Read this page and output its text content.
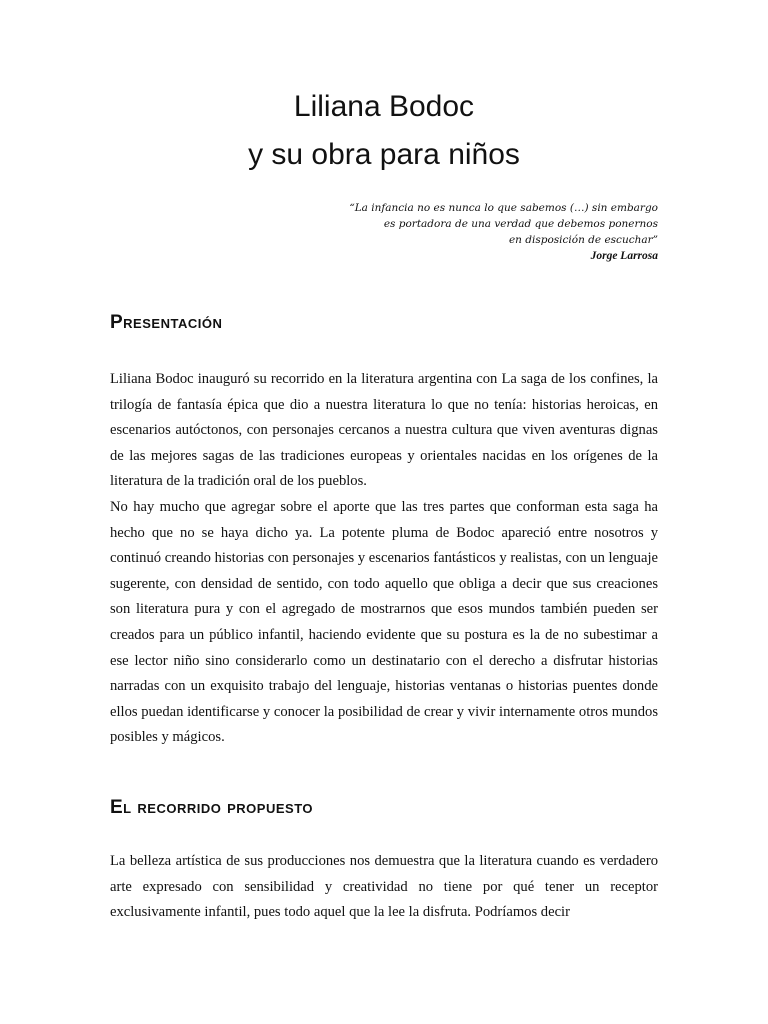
Liliana Bodoc
y su obra para niños
“La infancia no es nunca lo que sabemos (…) sin embargo
es portadora de una verdad que debemos ponernos
en disposición de escuchar”
Jorge Larrosa
Presentación

Liliana Bodoc inauguró su recorrido en la literatura argentina con La saga de los confines, la trilogía de fantasía épica que dio a nuestra literatura lo que no tenía: historias heroicas, en escenarios autóctonos, con personajes cercanos a nuestra cultura que viven aventuras dignas de las mejores sagas de las tradiciones europeas y orientales nacidas en los orígenes de la literatura de la tradición oral de los pueblos.

No hay mucho que agregar sobre el aporte que las tres partes que conforman esta saga ha hecho que no se haya dicho ya. La potente pluma de Bodoc apareció entre nosotros y continuó creando historias con personajes y escenarios fantásticos y realistas, con un lenguaje sugerente, con densidad de sentido, con todo aquello que obliga a decir que sus creaciones son literatura pura y con el agregado de mostrarnos que esos mundos también pueden ser creados para un público infantil, haciendo evidente que su postura es la de no subestimar a ese lector niño sino considerarlo como un destinatario con el derecho a disfrutar historias narradas con un exquisito trabajo del lenguaje, historias ventanas o historias puentes donde ellos puedan identificarse y conocer la posibilidad de crear y vivir internamente otros mundos posibles y mágicos.

El recorrido propuesto

La belleza artística de sus producciones nos demuestra que la literatura cuando es verdadero arte expresado con sensibilidad y creatividad no tiene por qué tener un receptor exclusivamente infantil, pues todo aquel que la lee la disfruta. Podríamos decir
